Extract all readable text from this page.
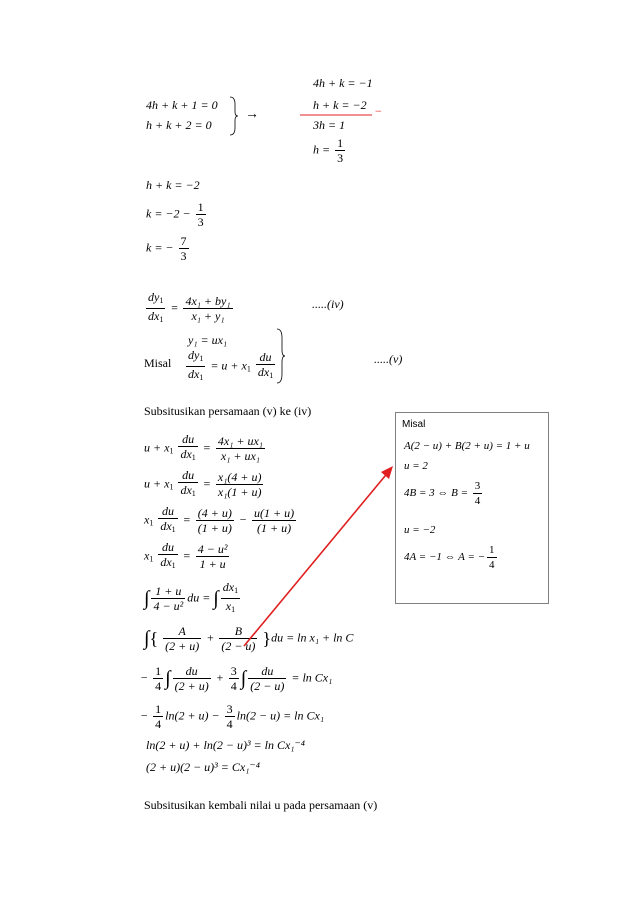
4h + k + 1 = 0
h + k + 2 = 0
→
4h + k = −1
h + k = −2 −
3h = 1
$h = \frac{1}{3}$
h + k = −2
$k = -2 - \frac{1}{3}$
k = − $\frac{7}{3}$
$\frac{dy_1}{dx_1} = \frac{\text{4x₁ + by₁}}{\text{x₁ + y₁}}$	.....(iv)
y₁ = ux₁
Misal $\frac{dy_1}{dx_1} = u + x_1 \frac{du}{dx_1}$	.....(v)
Subsitusikan persamaan (v) ke (iv)
$u + x_1 \frac{du}{dx_1} = \frac{\text{4x₁ + ux₁}}{\text{x₁ + ux₁}}$
$u + x_1 \frac{du}{dx_1} = \frac{\text{x₁(4 + u)}}{\text{x₁(1 + u)}}$
$x_1 \frac{du}{dx_1} = \frac{(4 + u)}{(1 + u)} - \frac{u(1 + u)}{(1 + u)}$
$x_1 \frac{du}{dx_1} = \frac{\text{4 − u²}}{1 + u}$
∫ $\frac{1 + u}{\text{4 − u²}}$ du = ∫ $\frac{dx_1}{x_1}$
∫{ $\frac{A}{(2 + u)} + \frac{B}{(2 - u)} \}du = \ln x_1 + \ln C$
− $\frac{1}{4}$ ∫ $\frac{du}{(2 + u)} + \frac{3}{4}$ ∫ $\frac{du}{(2 - u)} = \ln Cx_1$
− $\frac{1}{4} \ln(2 + u) - \frac{3}{4} \ln(2 - u) = \ln Cx_1$
ln(2 + u) + ln(2 − u)³ = ln Cx₁⁻⁴
(2 + u)(2 − u)³ = Cx₁⁻⁴
Subsitusikan kembali nilai u pada persamaan (v)
Misal
A(2 − u) + B(2 + u) = 1 + u
u = 2
4B = 3 ⇔ $B = \frac{3}{4}$
u = −2
4A = −1 ⇔ A = − $\frac{1}{4}$
